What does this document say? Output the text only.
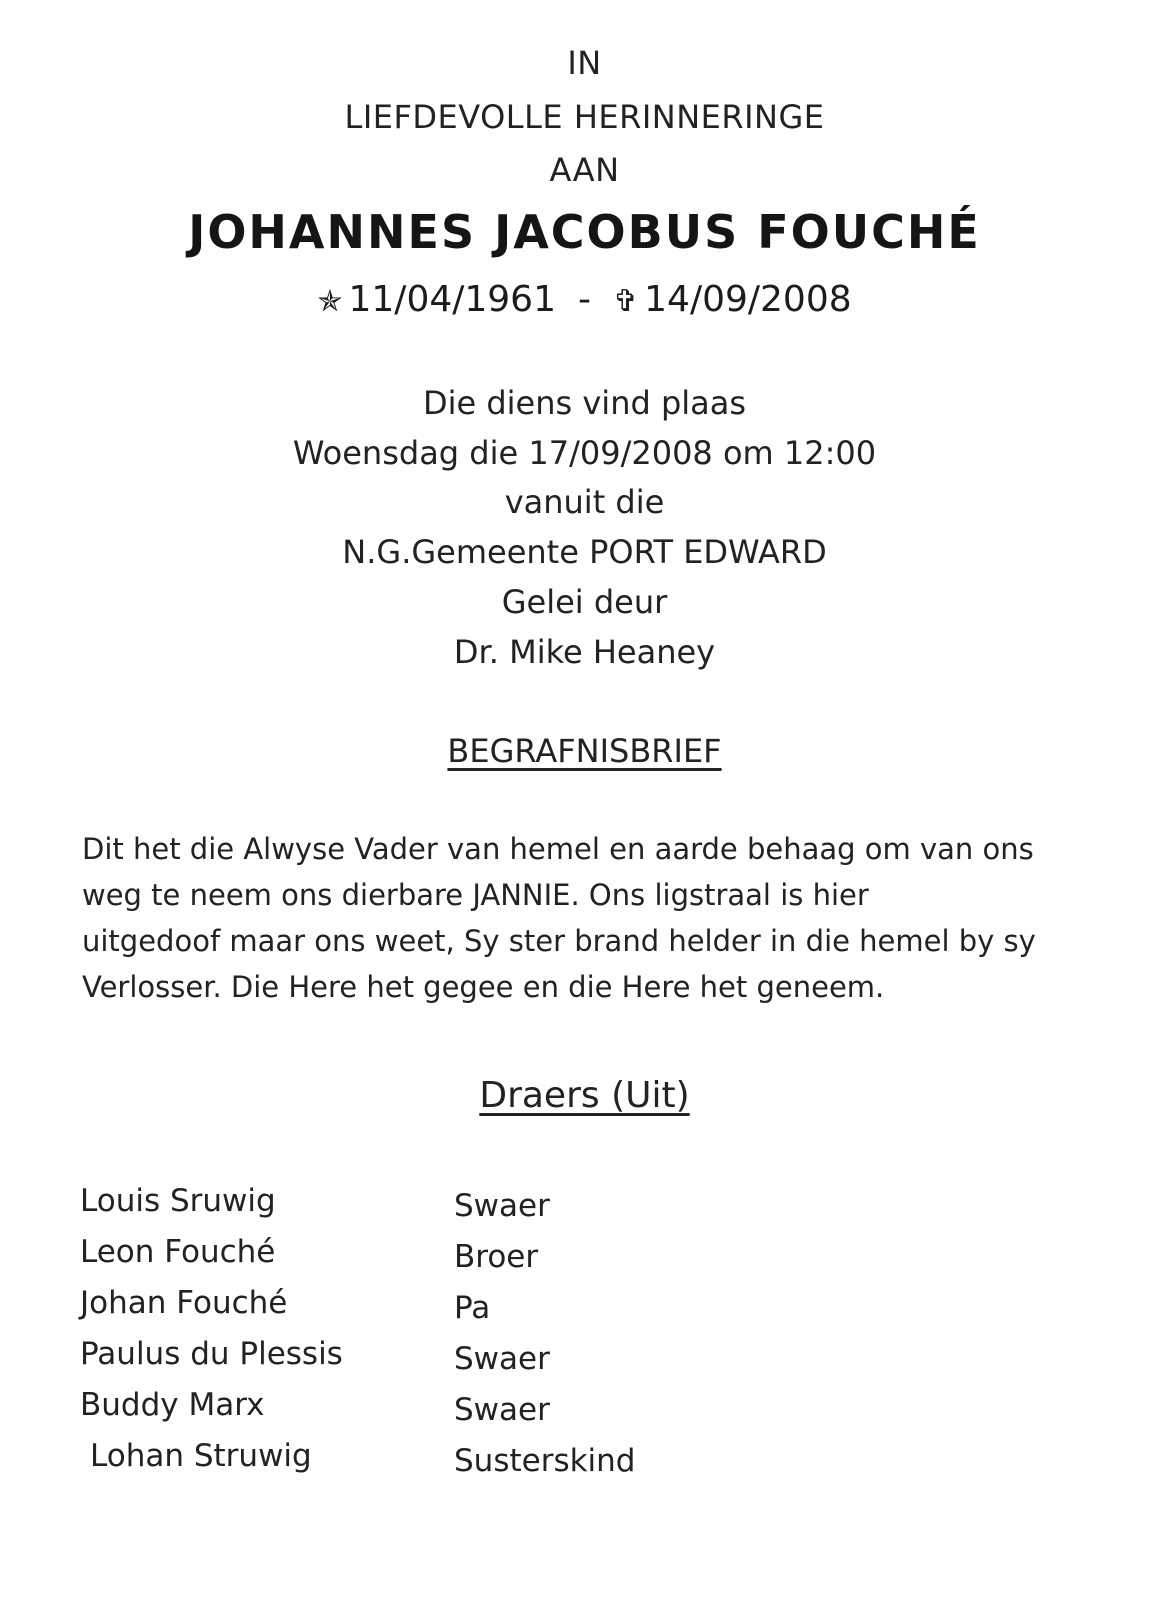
IN
LIEFDEVOLLE HERINNERINGE
AAN
JOHANNES JACOBUS FOUCHÉ
✯ 11/04/1961 - ✞ 14/09/2008
Die diens vind plaas
Woensdag die 17/09/2008 om 12:00
vanuit die
N.G.Gemeente PORT EDWARD
Gelei deur
Dr. Mike Heaney
BEGRAFNISBRIEF
Dit het die Alwyse Vader van hemel en aarde behaag om van ons
weg te neem ons dierbare JANNIE. Ons ligstraal is hier
uitgedoof maar ons weet, Sy ster brand helder in die hemel by sy
Verlosser. Die Here het gegee en die Here het geneem.
Draers (Uit)
Louis Sruwig	Swaer
Leon Fouché	Broer
Johan Fouché	Pa
Paulus du Plessis	Swaer
Buddy Marx	Swaer
Lohan Struwig	Susterskind
